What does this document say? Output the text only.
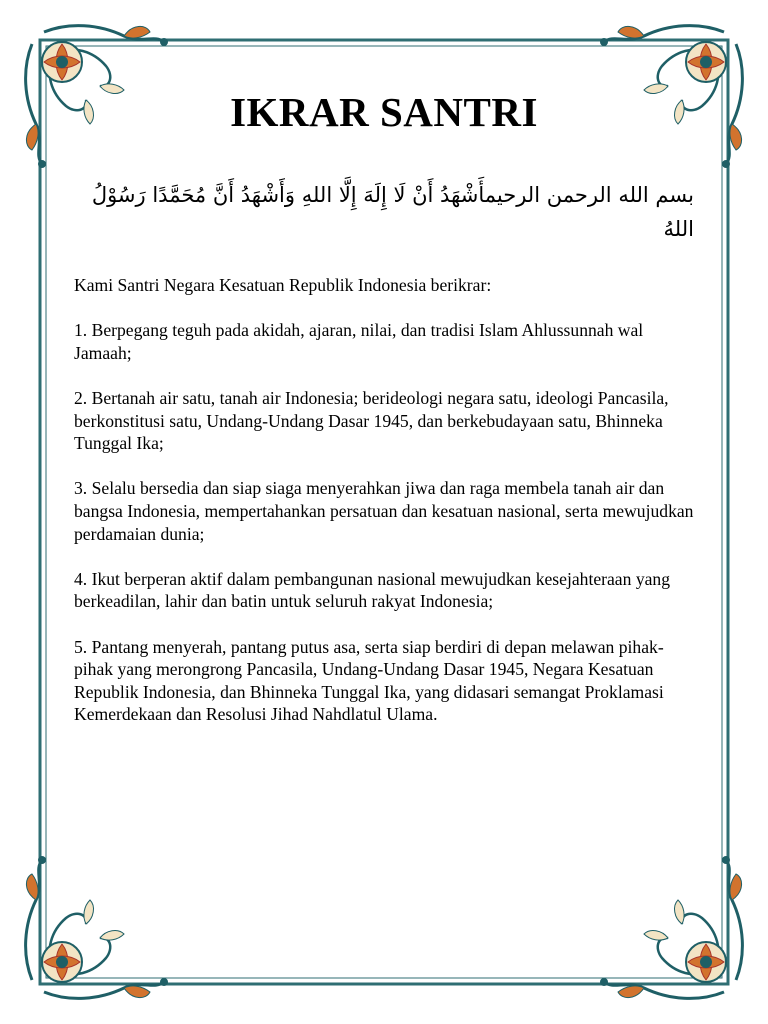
IKRAR SANTRI
بسم الله الرحمن الرحيمأَشْهَدُ أَنْ لَا إِلَهَ إِلَّا اللهِ وَأَشْهَدُ أَنَّ مُحَمَّدًا رَسُوْلُ اللهُ

Kami Santri Negara Kesatuan Republik Indonesia berikrar:

1. Berpegang teguh pada akidah, ajaran, nilai, dan tradisi Islam Ahlussunnah wal Jamaah;

2. Bertanah air satu, tanah air Indonesia; berideologi negara satu, ideologi Pancasila, berkonstitusi satu, Undang-Undang Dasar 1945, dan berkebudayaan satu, Bhinneka Tunggal Ika;

3. Selalu bersedia dan siap siaga menyerahkan jiwa dan raga membela tanah air dan bangsa Indonesia, mempertahankan persatuan dan kesatuan nasional, serta mewujudkan perdamaian dunia;

4. Ikut berperan aktif dalam pembangunan nasional mewujudkan kesejahteraan yang berkeadilan, lahir dan batin untuk seluruh rakyat Indonesia;

5. Pantang menyerah, pantang putus asa, serta siap berdiri di depan melawan pihak-pihak yang merongrong Pancasila, Undang-Undang Dasar 1945, Negara Kesatuan Republik Indonesia, dan Bhinneka Tunggal Ika, yang didasari semangat Proklamasi Kemerdekaan dan Resolusi Jihad Nahdlatul Ulama.
